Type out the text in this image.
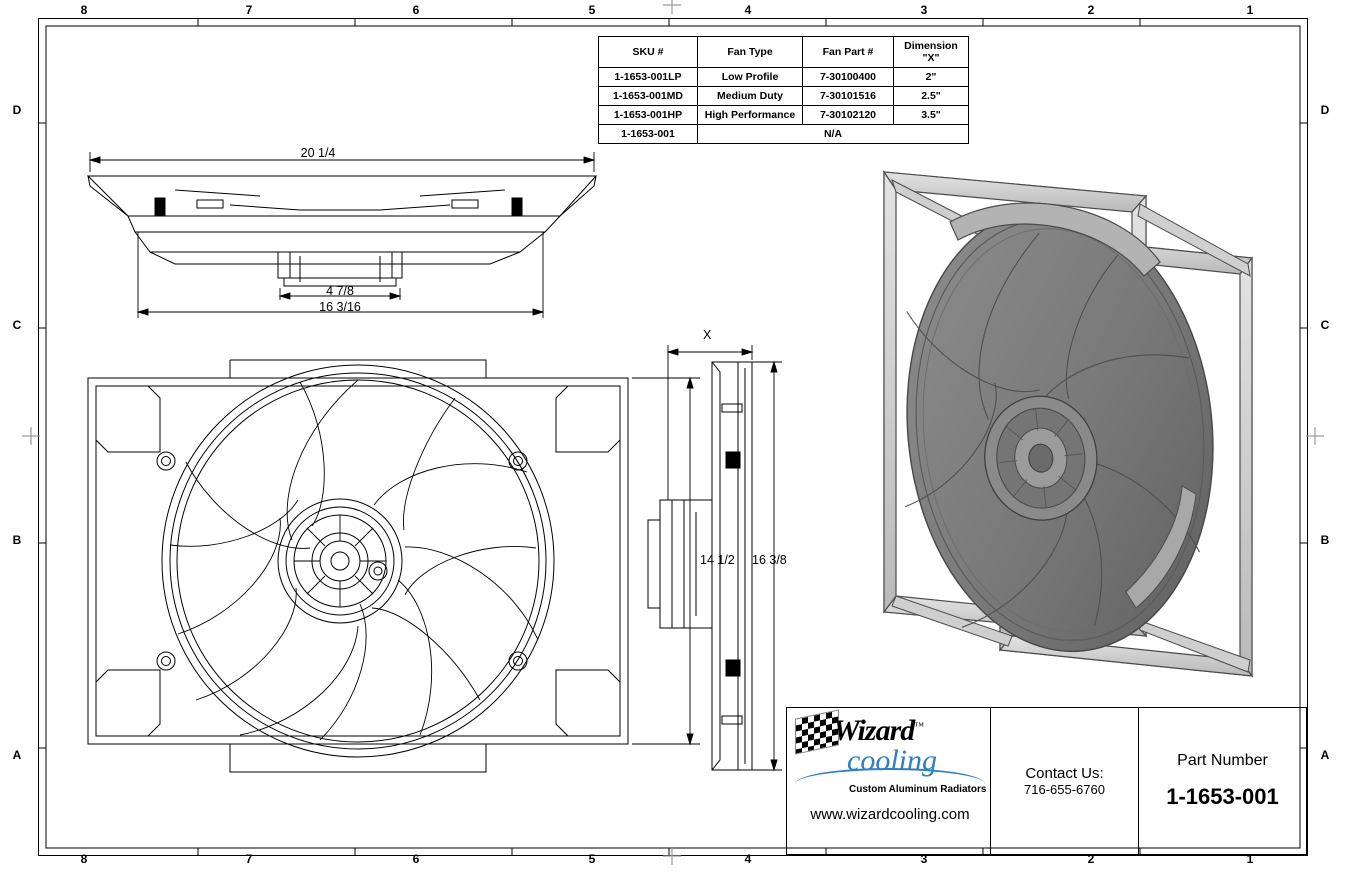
8	7	6	5	4	3	2	1
8	7	6	5	4	3	2	1
D
C
B
A
D
C
B
A
SKU #	Fan Type	Fan Part #	Dimension "X"
1-1653-001LP	Low Profile	7-30100400	2"
1-1653-001MD	Medium Duty	7-30101516	2.5"
1-1653-001HP	High Performance	7-30102120	3.5"
1-1653-001	N/A		
20 1/4
4 7/8
16 3/16
14 1/2
X
16 3/8
Wizard™
cooling
Custom Aluminum Radiators
www.wizardcooling.com
Contact Us:
716-655-6760
Part Number
1-1653-001
